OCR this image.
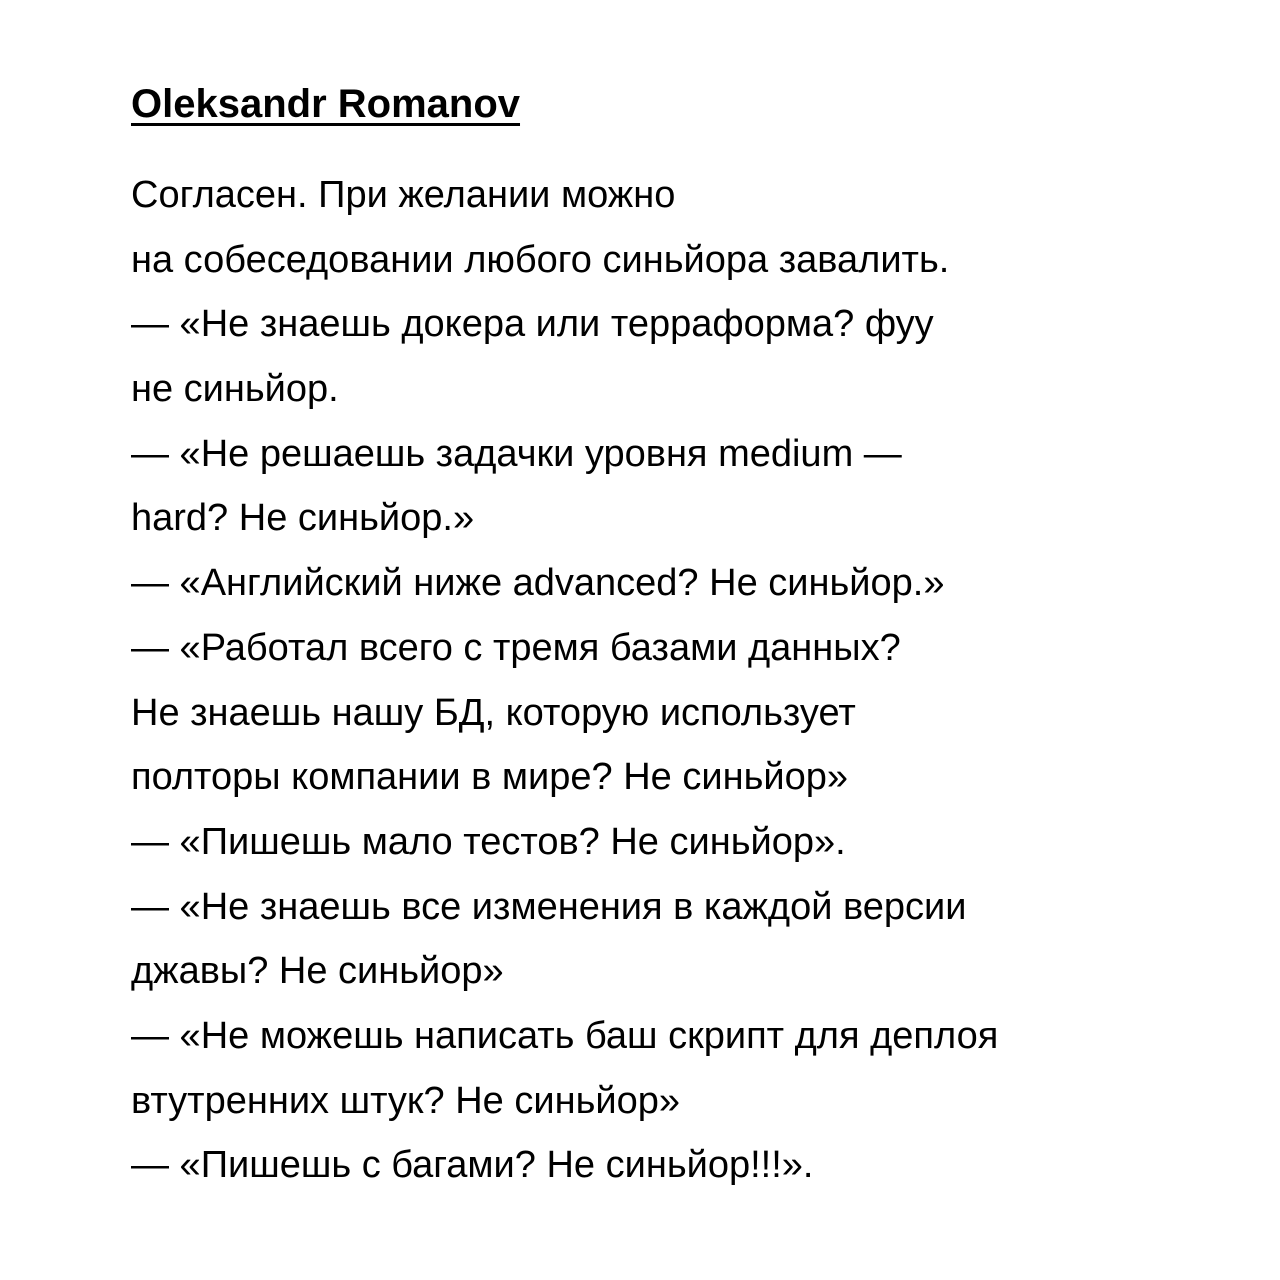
Oleksandr Romanov
Согласен. При желании можно
на собеседовании любого синьйора завалить.
— «Не знаешь докера или терраформа? фуу
не синьйор.
— «Не решаешь задачки уровня medium —
hard? Не синьйор.»
— «Английский ниже advanced? Не синьйор.»
— «Работал всего с тремя базами данных?
Не знаешь нашу БД, которую использует
полторы компании в мире? Не синьйор»
— «Пишешь мало тестов? Не синьйор».
— «Не знаешь все изменения в каждой версии
джавы? Не синьйор»
— «Не можешь написать баш скрипт для деплоя
втутренних штук? Не синьйор»
— «Пишешь с багами? Не синьйор!!!».
